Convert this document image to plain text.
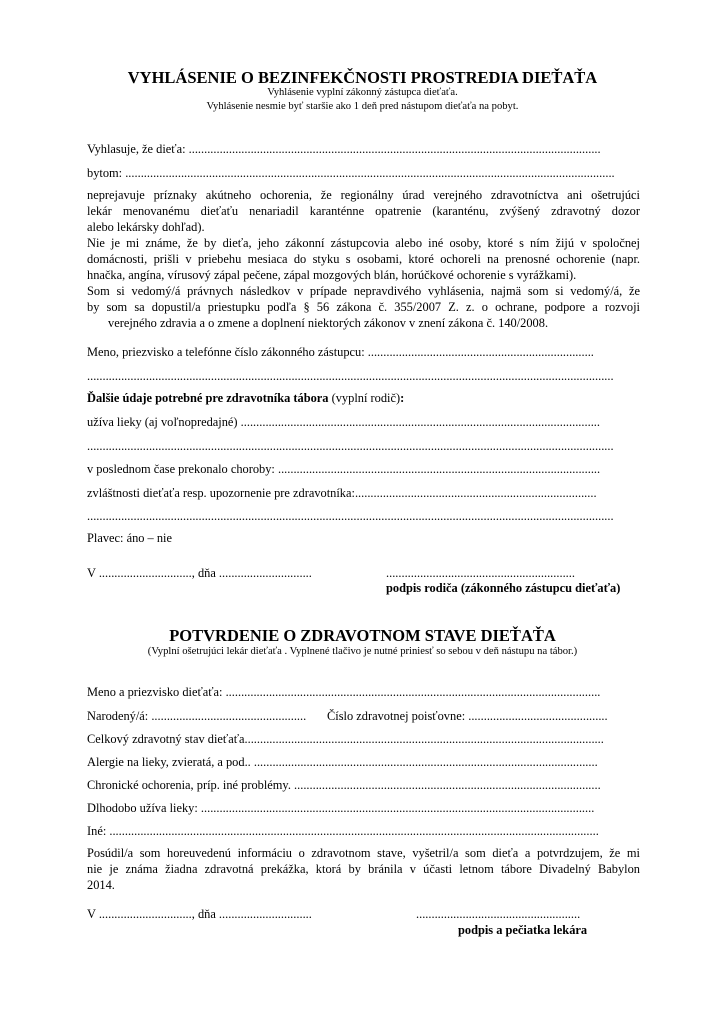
VYHLÁSENIE O BEZINFEKČNOSTI PROSTREDIA DIEŤAŤA
Vyhlásenie vyplní zákonný zástupca dieťaťa.
Vyhlásenie nesmie byť staršie ako 1 deň pred nástupom dieťaťa na pobyt.
Vyhlasuje, že dieťa: .....................................................................................................................................
bytom: ..............................................................................................................................................................
neprejavuje príznaky akútneho ochorenia, že regionálny úrad verejného zdravotníctva ani ošetrujúci
lekár menovanému dieťaťu nenariadil karanténne opatrenie (karanténu, zvýšený zdravotný dozor
alebo lekársky dohľad).
Nie je mi známe, že by dieťa, jeho zákonní zástupcovia alebo iné osoby, ktoré s ním žijú v spoločnej
domácnosti, prišli v priebehu mesiaca do styku s osobami, ktoré ochoreli na prenosné ochorenie (napr.
hnačka, angína, vírusový zápal pečene, zápal mozgových blán, horúčkové ochorenie s vyrážkami).
Som si vedomý/á právnych následkov v prípade nepravdivého vyhlásenia, najmä som si vedomý/á, že
by som sa dopustil/a priestupku podľa § 56 zákona č. 355/2007 Z. z. o ochrane, podpore a rozvoji
verejného zdravia a o zmene a doplnení niektorých zákonov v znení zákona č. 140/2008.
Meno, priezvisko a telefónne číslo zákonného zástupcu: .........................................................................
..........................................................................................................................................................................
Ďalšie údaje potrebné pre zdravotníka tábora (vyplní rodič):
užíva lieky (aj voľnopredajné) ....................................................................................................................
..........................................................................................................................................................................
v poslednom čase prekonalo choroby: ........................................................................................................
zvláštnosti dieťaťa resp. upozornenie pre zdravotníka:..............................................................................
..........................................................................................................................................................................
Plavec: áno – nie
V .............................., dňa ..............................	.............................................................
podpis rodiča (zákonného zástupcu dieťaťa)
POTVRDENIE O ZDRAVOTNOM STAVE DIEŤAŤA
(Vyplní ošetrujúci lekár dieťaťa . Vyplnené tlačivo je nutné priniesť so sebou v deň nástupu na tábor.)
Meno a priezvisko dieťaťa: .........................................................................................................................
Narodený/á: .................................................. Číslo zdravotnej poisťovne: .............................................
Celkový zdravotný stav dieťaťa....................................................................................................................
Alergie na lieky, zvieratá, a pod.. ...............................................................................................................
Chronické ochorenia, príp. iné problémy. ...................................................................................................
Dlhodobo užíva lieky: ...............................................................................................................................
Iné: ..............................................................................................................................................................
Posúdil/a som horeuvedenú informáciu o zdravotnom stave, vyšetril/a som dieťa a potvrdzujem, že mi
nie je známa žiadna zdravotná prekážka, ktorá by bránila v účasti letnom tábore Divadelný Babylon
2014.
V .............................., dňa ..............................	.....................................................
podpis a pečiatka lekára
